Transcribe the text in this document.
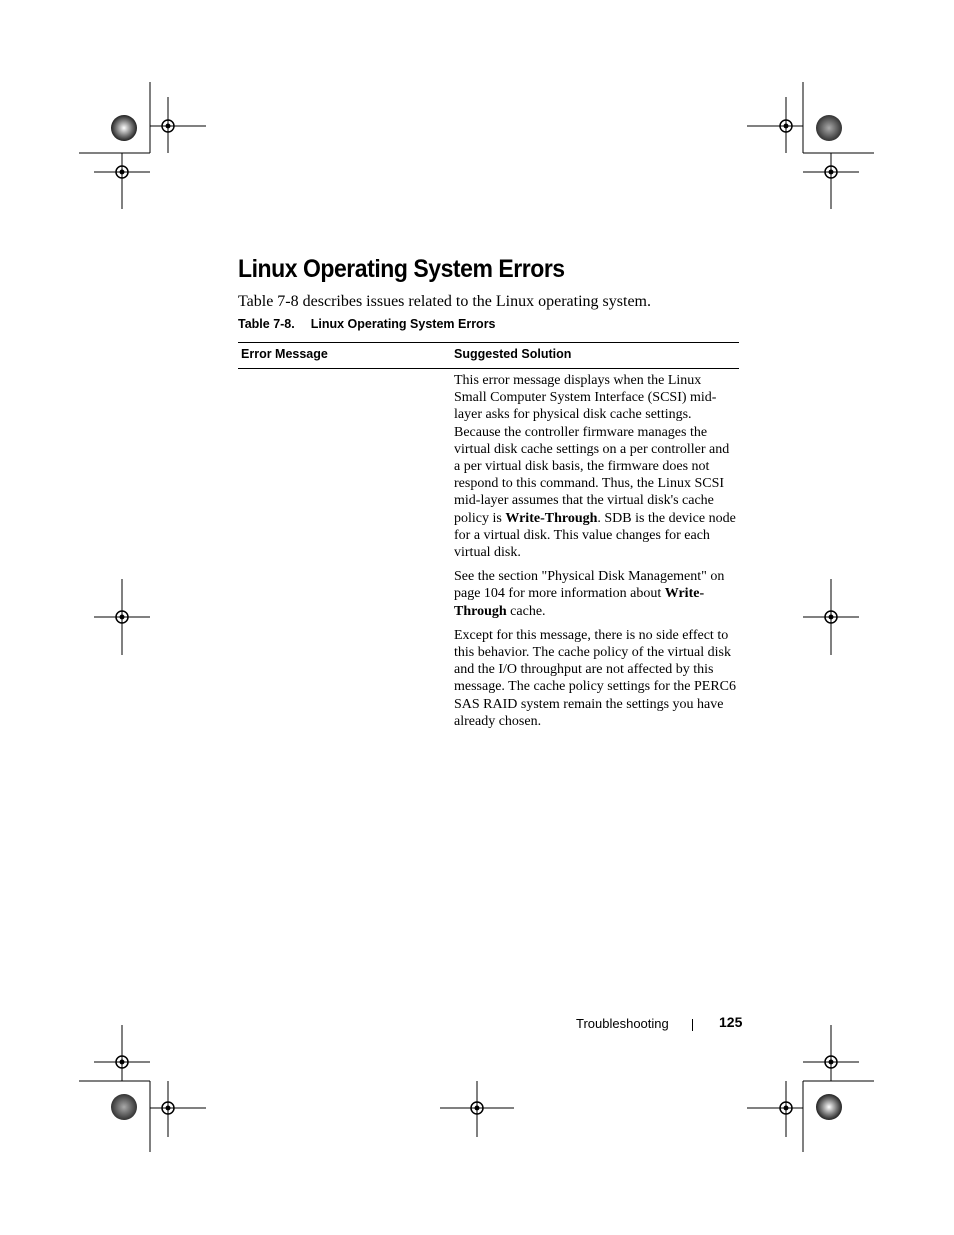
Linux Operating System Errors
Table 7-8 describes issues related to the Linux operating system.
Table 7-8. Linux Operating System Errors
Error Message	Suggested Solution

This error message displays when the Linux Small Computer System Interface (SCSI) mid-layer asks for physical disk cache settings. Because the controller firmware manages the virtual disk cache settings on a per controller and a per virtual disk basis, the firmware does not respond to this command. Thus, the Linux SCSI mid-layer assumes that the virtual disk's cache policy is Write-Through. SDB is the device node for a virtual disk. This value changes for each virtual disk.

See the section "Physical Disk Management" on page 104 for more information about Write-Through cache.

Except for this message, there is no side effect to this behavior. The cache policy of the virtual disk and the I/O throughput are not affected by this message. The cache policy settings for the PERC6 SAS RAID system remain the settings you have already chosen.

Troubleshooting	125
